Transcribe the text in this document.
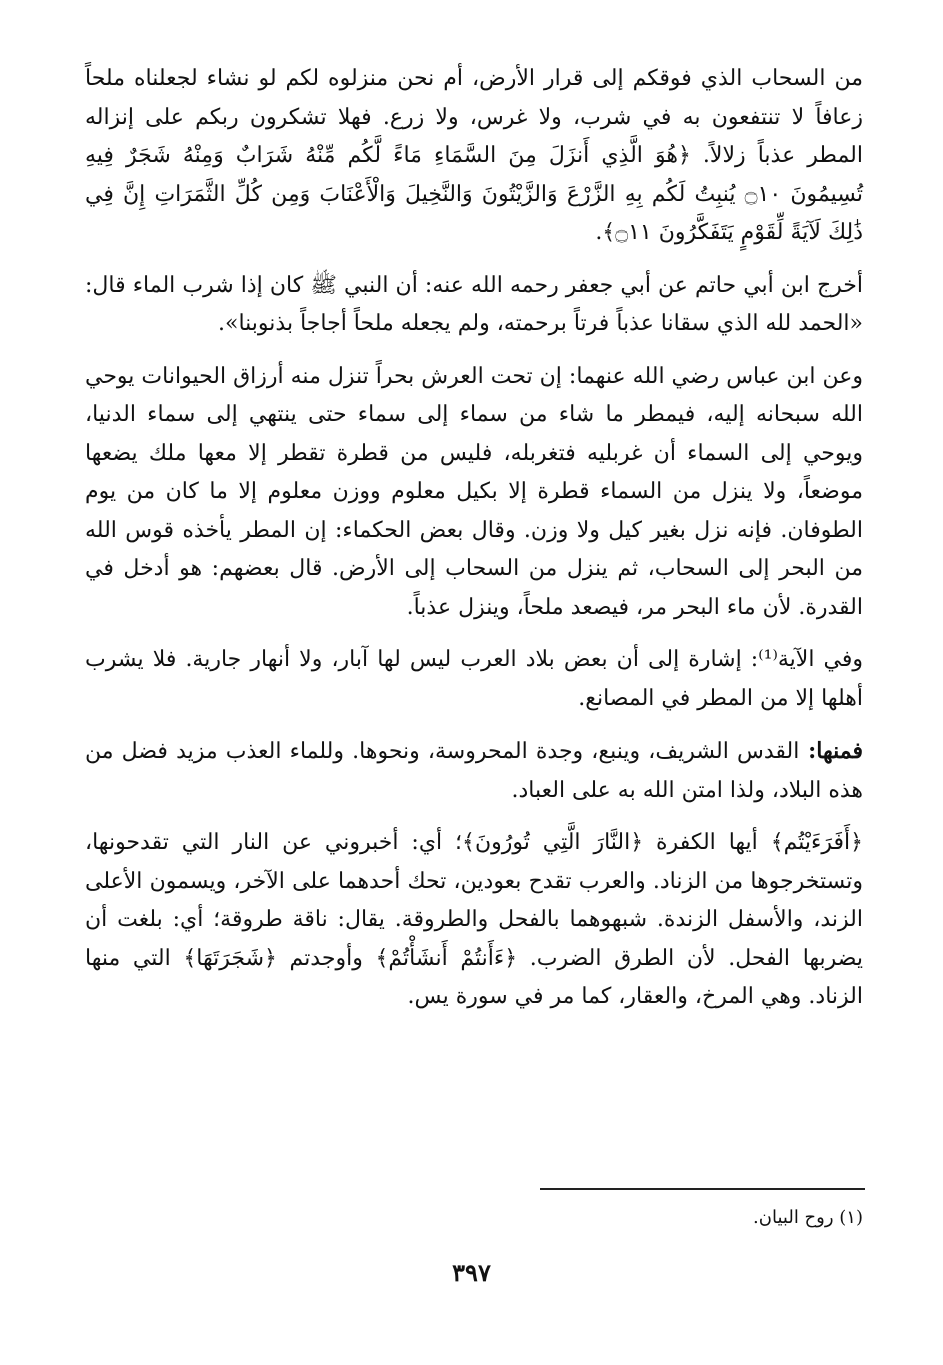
من السحاب الذي فوقكم إلى قرار الأرض، أم نحن منزلوه لكم لو نشاء لجعلناه ملحاً زعافاً لا تنتفعون به في شرب، ولا غرس، ولا زرع. فهلا تشكرون ربكم على إنزاله المطر عذباً زلالاً. ﴿هُوَ الَّذِي أَنزَلَ مِنَ السَّمَاءِ مَاءً لَّكُم مِّنْهُ شَرَابٌ وَمِنْهُ شَجَرٌ فِيهِ تُسِيمُونَ ۝١٠ يُنبِتُ لَكُم بِهِ الزَّرْعَ وَالزَّيْتُونَ وَالنَّخِيلَ وَالْأَعْنَابَ وَمِن كُلِّ الثَّمَرَاتِ إِنَّ فِي ذَٰلِكَ لَآيَةً لِّقَوْمٍ يَتَفَكَّرُونَ ۝١١﴾.

أخرج ابن أبي حاتم عن أبي جعفر رحمه الله عنه: أن النبي ﷺ كان إذا شرب الماء قال: «الحمد لله الذي سقانا عذباً فرتاً برحمته، ولم يجعله ملحاً أجاجاً بذنوبنا».

وعن ابن عباس رضي الله عنهما: إن تحت العرش بحراً تنزل منه أرزاق الحيوانات يوحي الله سبحانه إليه، فيمطر ما شاء من سماء إلى سماء حتى ينتهي إلى سماء الدنيا، ويوحي إلى السماء أن غربليه فتغربله، فليس من قطرة تقطر إلا معها ملك يضعها موضعاً، ولا ينزل من السماء قطرة إلا بكيل معلوم ووزن معلوم إلا ما كان من يوم الطوفان. فإنه نزل بغير كيل ولا وزن. وقال بعض الحكماء: إن المطر يأخذه قوس الله من البحر إلى السحاب، ثم ينزل من السحاب إلى الأرض. قال بعضهم: هو أدخل في القدرة. لأن ماء البحر مر، فيصعد ملحاً، وينزل عذباً.

وفي الآية⁽¹⁾: إشارة إلى أن بعض بلاد العرب ليس لها آبار، ولا أنهار جارية. فلا يشرب أهلها إلا من المطر في المصانع.

فمنها: القدس الشريف، وينبع، وجدة المحروسة، ونحوها. وللماء العذب مزيد فضل من هذه البلاد، ولذا امتن الله به على العباد.

﴿أَفَرَءَيْتُم﴾ أيها الكفرة ﴿النَّارَ الَّتِي تُورُونَ﴾؛ أي: أخبروني عن النار التي تقدحونها، وتستخرجوها من الزناد. والعرب تقدح بعودين، تحك أحدهما على الآخر، ويسمون الأعلى الزند، والأسفل الزندة. شبهوهما بالفحل والطروقة. يقال: ناقة طروقة؛ أي: بلغت أن يضربها الفحل. لأن الطرق الضرب. ﴿ءَأَنتُمْ أَنشَأْتُمْ﴾ وأوجدتم ﴿شَجَرَتَهَا﴾ التي منها الزناد. وهي المرخ، والعقار، كما مر في سورة يس.

(١) روح البيان.
٣٩٧
